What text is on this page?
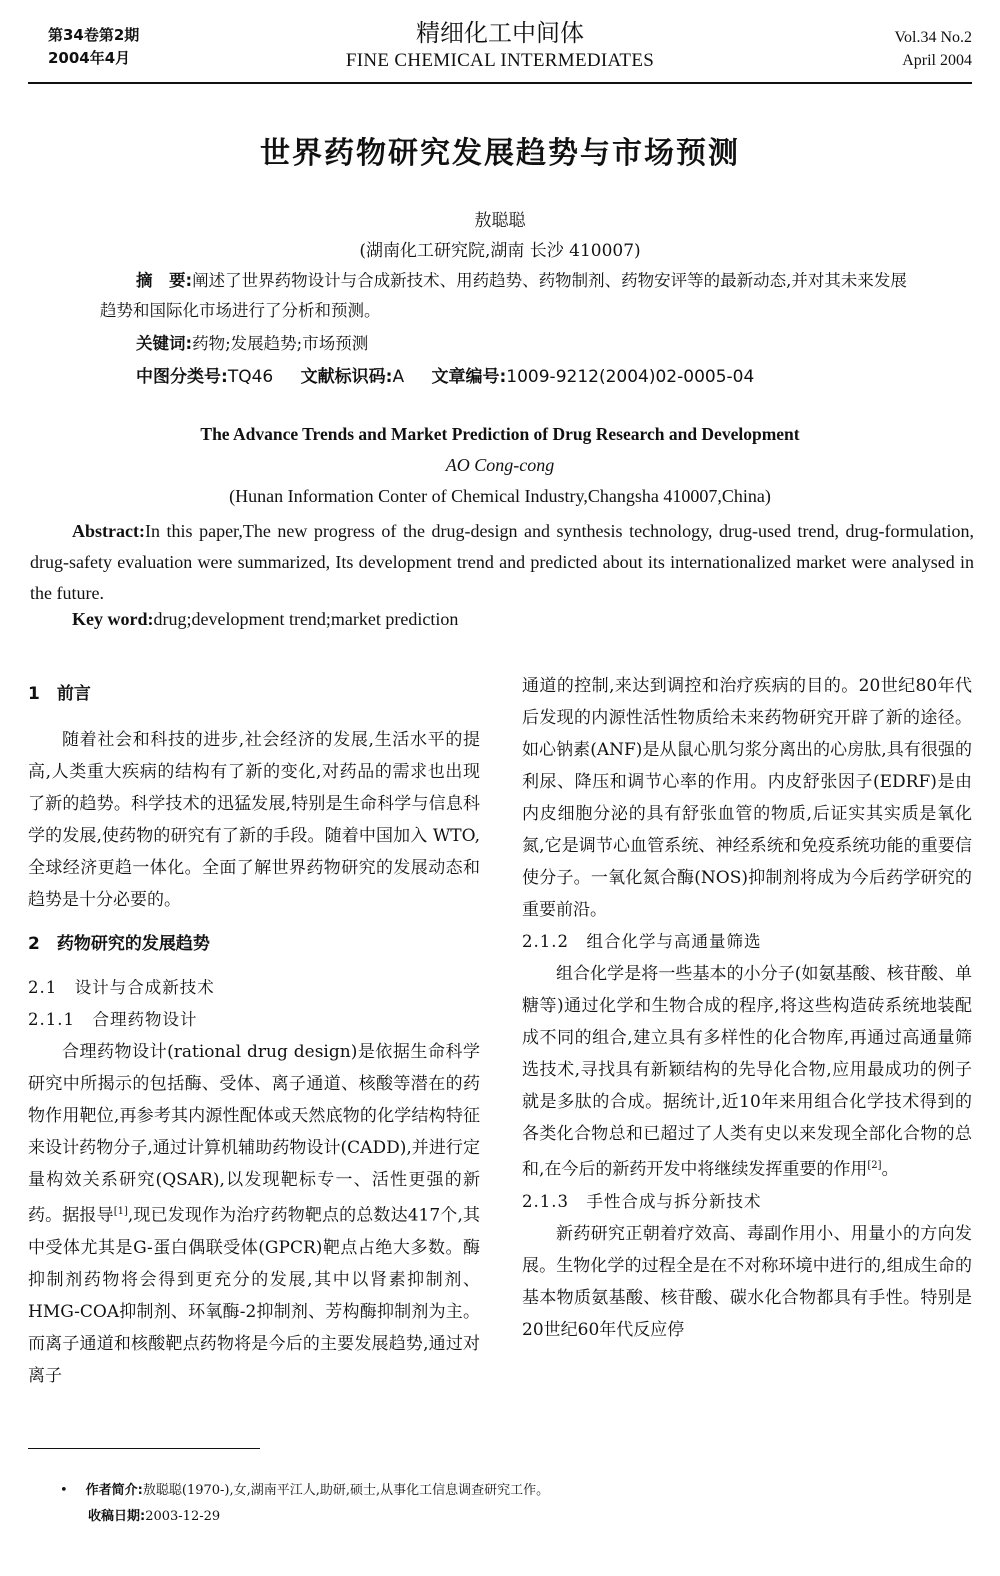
第34卷第2期
2004年4月
精细化工中间体
FINE CHEMICAL INTERMEDIATES
Vol.34 No.2
April 2004
世界药物研究发展趋势与市场预测
敖聪聪
(湖南化工研究院,湖南 长沙 410007)
摘　要:阐述了世界药物设计与合成新技术、用药趋势、药物制剂、药物安评等的最新动态,并对其未来发展趋势和国际化市场进行了分析和预测。
关键词:药物;发展趋势;市场预测
中图分类号:TQ46 文献标识码:A 文章编号:1009-9212(2004)02-0005-04
The Advance Trends and Market Prediction of Drug Research and Development
AO Cong-cong
(Hunan Information Conter of Chemical Industry,Changsha 410007,China)
Abstract:In this paper,The new progress of the drug-design and synthesis technology, drug-used trend, drug-formulation, drug-safety evaluation were summarized, Its development trend and predicted about its internationalized market were analysed in the future.
Key word:drug;development trend;market prediction

1　前言

随着社会和科技的进步,社会经济的发展,生活水平的提高,人类重大疾病的结构有了新的变化,对药品的需求也出现了新的趋势。科学技术的迅猛发展,特别是生命科学与信息科学的发展,使药物的研究有了新的手段。随着中国加入 WTO,全球经济更趋一体化。全面了解世界药物研究的发展动态和趋势是十分必要的。

2　药物研究的发展趋势

2.1　设计与合成新技术

2.1.1　合理药物设计

合理药物设计(rational drug design)是依据生命科学研究中所揭示的包括酶、受体、离子通道、核酸等潜在的药物作用靶位,再参考其内源性配体或天然底物的化学结构特征来设计药物分子,通过计算机辅助药物设计(CADD),并进行定量构效关系研究(QSAR),以发现靶标专一、活性更强的新药。据报导[1],现已发现作为治疗药物靶点的总数达417个,其中受体尤其是G-蛋白偶联受体(GPCR)靶点占绝大多数。酶抑制剂药物将会得到更充分的发展,其中以肾素抑制剂、HMG-COA抑制剂、环氧酶-2抑制剂、芳构酶抑制剂为主。而离子通道和核酸靶点药物将是今后的主要发展趋势,通过对离子

通道的控制,来达到调控和治疗疾病的目的。20世纪80年代后发现的内源性活性物质给未来药物研究开辟了新的途径。如心钠素(ANF)是从鼠心肌匀浆分离出的心房肽,具有很强的利尿、降压和调节心率的作用。内皮舒张因子(EDRF)是由内皮细胞分泌的具有舒张血管的物质,后证实其实质是氧化氮,它是调节心血管系统、神经系统和免疫系统功能的重要信使分子。一氧化氮合酶(NOS)抑制剂将成为今后药学研究的重要前沿。

2.1.2　组合化学与高通量筛选

组合化学是将一些基本的小分子(如氨基酸、核苷酸、单糖等)通过化学和生物合成的程序,将这些构造砖系统地装配成不同的组合,建立具有多样性的化合物库,再通过高通量筛选技术,寻找具有新颖结构的先导化合物,应用最成功的例子就是多肽的合成。据统计,近10年来用组合化学技术得到的各类化合物总和已超过了人类有史以来发现全部化合物的总和,在今后的新药开发中将继续发挥重要的作用[2]。

2.1.3　手性合成与拆分新技术

新药研究正朝着疗效高、毒副作用小、用量小的方向发展。生物化学的过程全是在不对称环境中进行的,组成生命的基本物质氨基酸、核苷酸、碳水化合物都具有手性。特别是20世纪60年代反应停

• 作者简介:敖聪聪(1970-),女,湖南平江人,助研,硕士,从事化工信息调查研究工作。
收稿日期:2003-12-29
